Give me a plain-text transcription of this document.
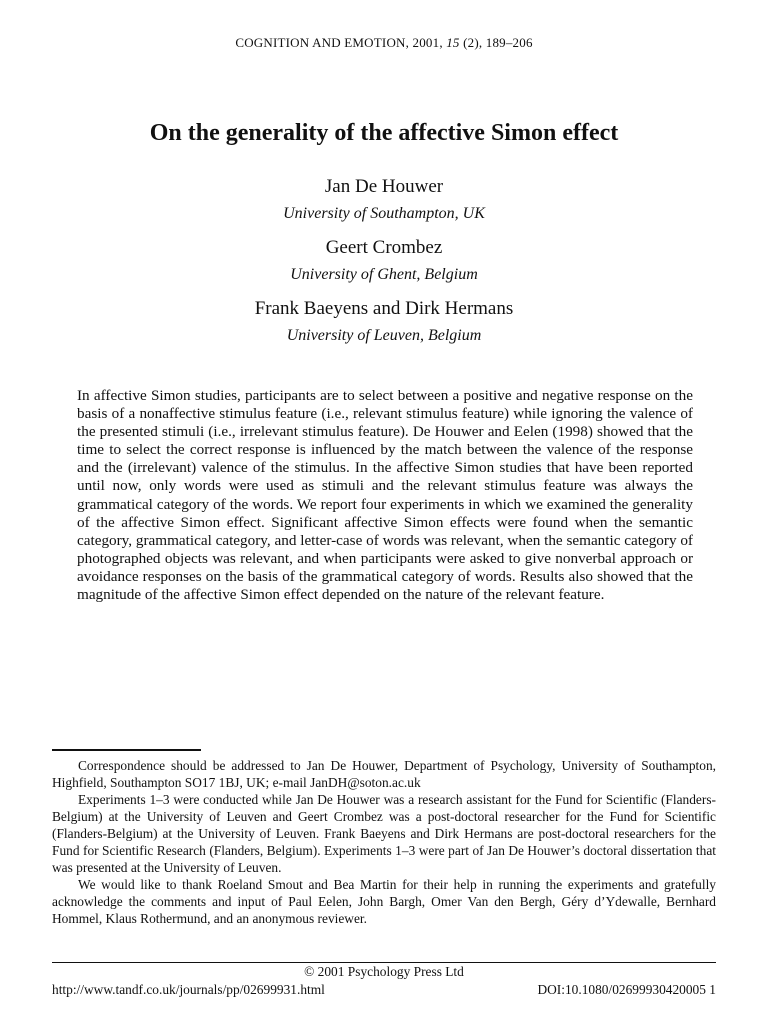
COGNITION AND EMOTION, 2001, 15 (2), 189–206
On the generality of the affective Simon effect
Jan De Houwer
University of Southampton, UK
Geert Crombez
University of Ghent, Belgium
Frank Baeyens and Dirk Hermans
University of Leuven, Belgium

In affective Simon studies, participants are to select between a positive and negative response on the basis of a nonaffective stimulus feature (i.e., relevant stimulus feature) while ignoring the valence of the presented stimuli (i.e., irrelevant stimulus feature). De Houwer and Eelen (1998) showed that the time to select the correct response is influenced by the match between the valence of the response and the (irrelevant) valence of the stimulus. In the affective Simon studies that have been reported until now, only words were used as stimuli and the relevant stimulus feature was always the grammatical category of the words. We report four experiments in which we examined the generality of the affective Simon effect. Significant affective Simon effects were found when the semantic category, grammatical category, and letter-case of words was relevant, when the semantic category of photographed objects was relevant, and when participants were asked to give nonverbal approach or avoidance responses on the basis of the grammatical category of words. Results also showed that the magnitude of the affective Simon effect depended on the nature of the relevant feature.

Correspondence should be addressed to Jan De Houwer, Department of Psychology, University of Southampton, Highfield, Southampton SO17 1BJ, UK; e-mail JanDH@soton.ac.uk

Experiments 1–3 were conducted while Jan De Houwer was a research assistant for the Fund for Scientific (Flanders-Belgium) at the University of Leuven and Geert Crombez was a post-doctoral researcher for the Fund for Scientific (Flanders-Belgium) at the University of Leuven. Frank Baeyens and Dirk Hermans are post-doctoral researchers for the Fund for Scientific Research (Flanders, Belgium). Experiments 1–3 were part of Jan De Houwer’s doctoral dissertation that was presented at the University of Leuven.

We would like to thank Roeland Smout and Bea Martin for their help in running the experiments and gratefully acknowledge the comments and input of Paul Eelen, John Bargh, Omer Van den Bergh, Géry d’Ydewalle, Bernhard Hommel, Klaus Rothermund, and an anonymous reviewer.

© 2001 Psychology Press Ltd
http://www.tandf.co.uk/journals/pp/02699931.html	DOI:10.1080/02699930420005 1
